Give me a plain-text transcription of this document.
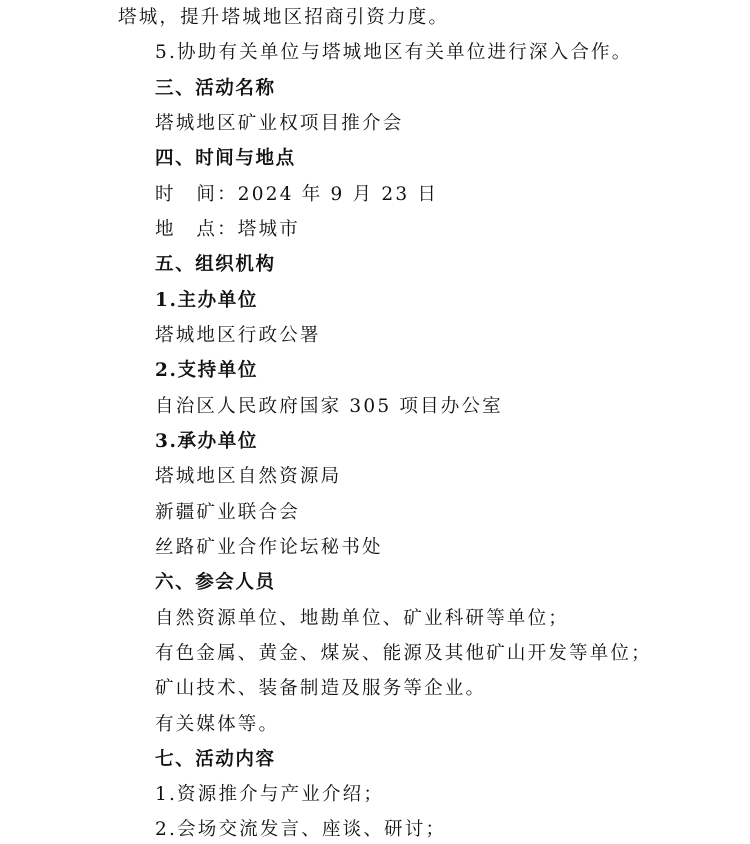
塔城，提升塔城地区招商引资力度。
5.协助有关单位与塔城地区有关单位进行深入合作。
三、活动名称
塔城地区矿业权项目推介会
四、时间与地点
时　间：2024 年 9 月 23 日
地　点：塔城市
五、组织机构
1.主办单位
塔城地区行政公署
2.支持单位
自治区人民政府国家 305 项目办公室
3.承办单位
塔城地区自然资源局
新疆矿业联合会
丝路矿业合作论坛秘书处
六、参会人员
自然资源单位、地勘单位、矿业科研等单位；
有色金属、黄金、煤炭、能源及其他矿山开发等单位；
矿山技术、装备制造及服务等企业。
有关媒体等。
七、活动内容
1.资源推介与产业介绍；
2.会场交流发言、座谈、研讨；
